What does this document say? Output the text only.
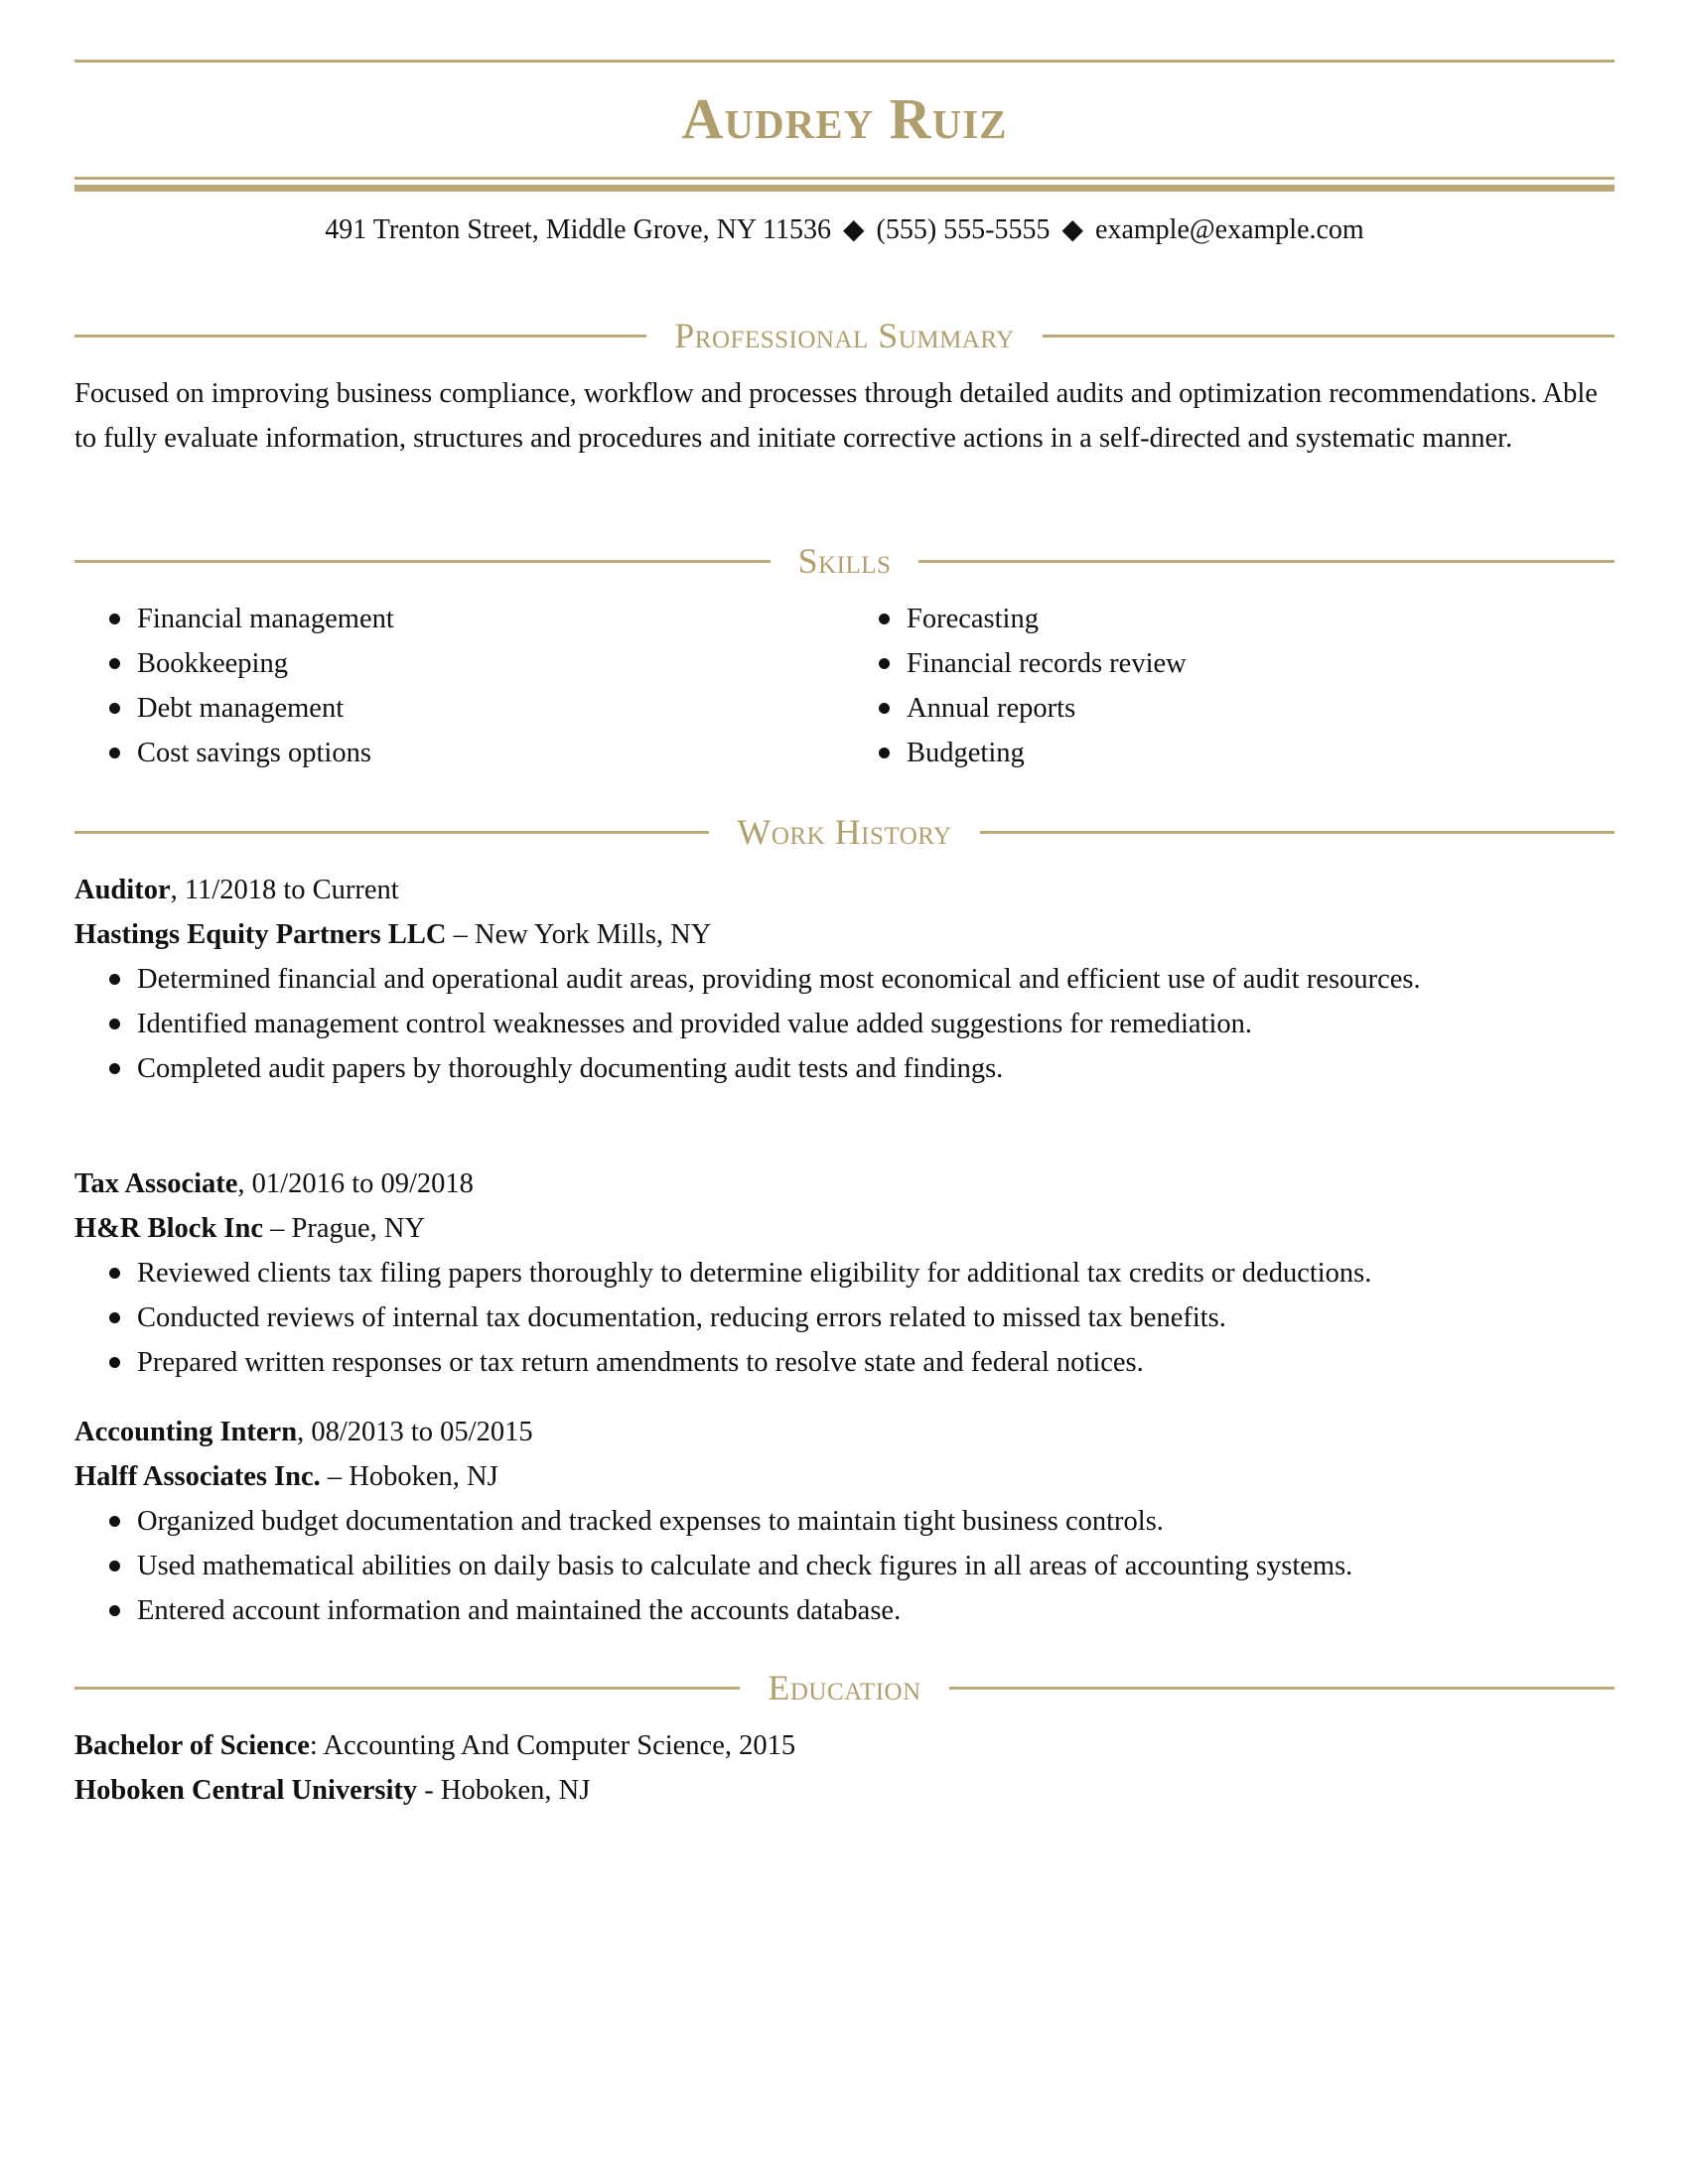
Audrey Ruiz
491 Trenton Street, Middle Grove, NY 11536 ◆ (555) 555-5555 ◆ example@example.com
Professional Summary
Focused on improving business compliance, workflow and processes through detailed audits and optimization recommendations. Able to fully evaluate information, structures and procedures and initiate corrective actions in a self-directed and systematic manner.
Skills
Financial management
Bookkeeping
Debt management
Cost savings options
Forecasting
Financial records review
Annual reports
Budgeting
Work History
Auditor, 11/2018 to Current
Hastings Equity Partners LLC – New York Mills, NY
Determined financial and operational audit areas, providing most economical and efficient use of audit resources.
Identified management control weaknesses and provided value added suggestions for remediation.
Completed audit papers by thoroughly documenting audit tests and findings.
Tax Associate, 01/2016 to 09/2018
H&R Block Inc – Prague, NY
Reviewed clients tax filing papers thoroughly to determine eligibility for additional tax credits or deductions.
Conducted reviews of internal tax documentation, reducing errors related to missed tax benefits.
Prepared written responses or tax return amendments to resolve state and federal notices.
Accounting Intern, 08/2013 to 05/2015
Halff Associates Inc. – Hoboken, NJ
Organized budget documentation and tracked expenses to maintain tight business controls.
Used mathematical abilities on daily basis to calculate and check figures in all areas of accounting systems.
Entered account information and maintained the accounts database.
Education
Bachelor of Science: Accounting And Computer Science, 2015
Hoboken Central University - Hoboken, NJ
